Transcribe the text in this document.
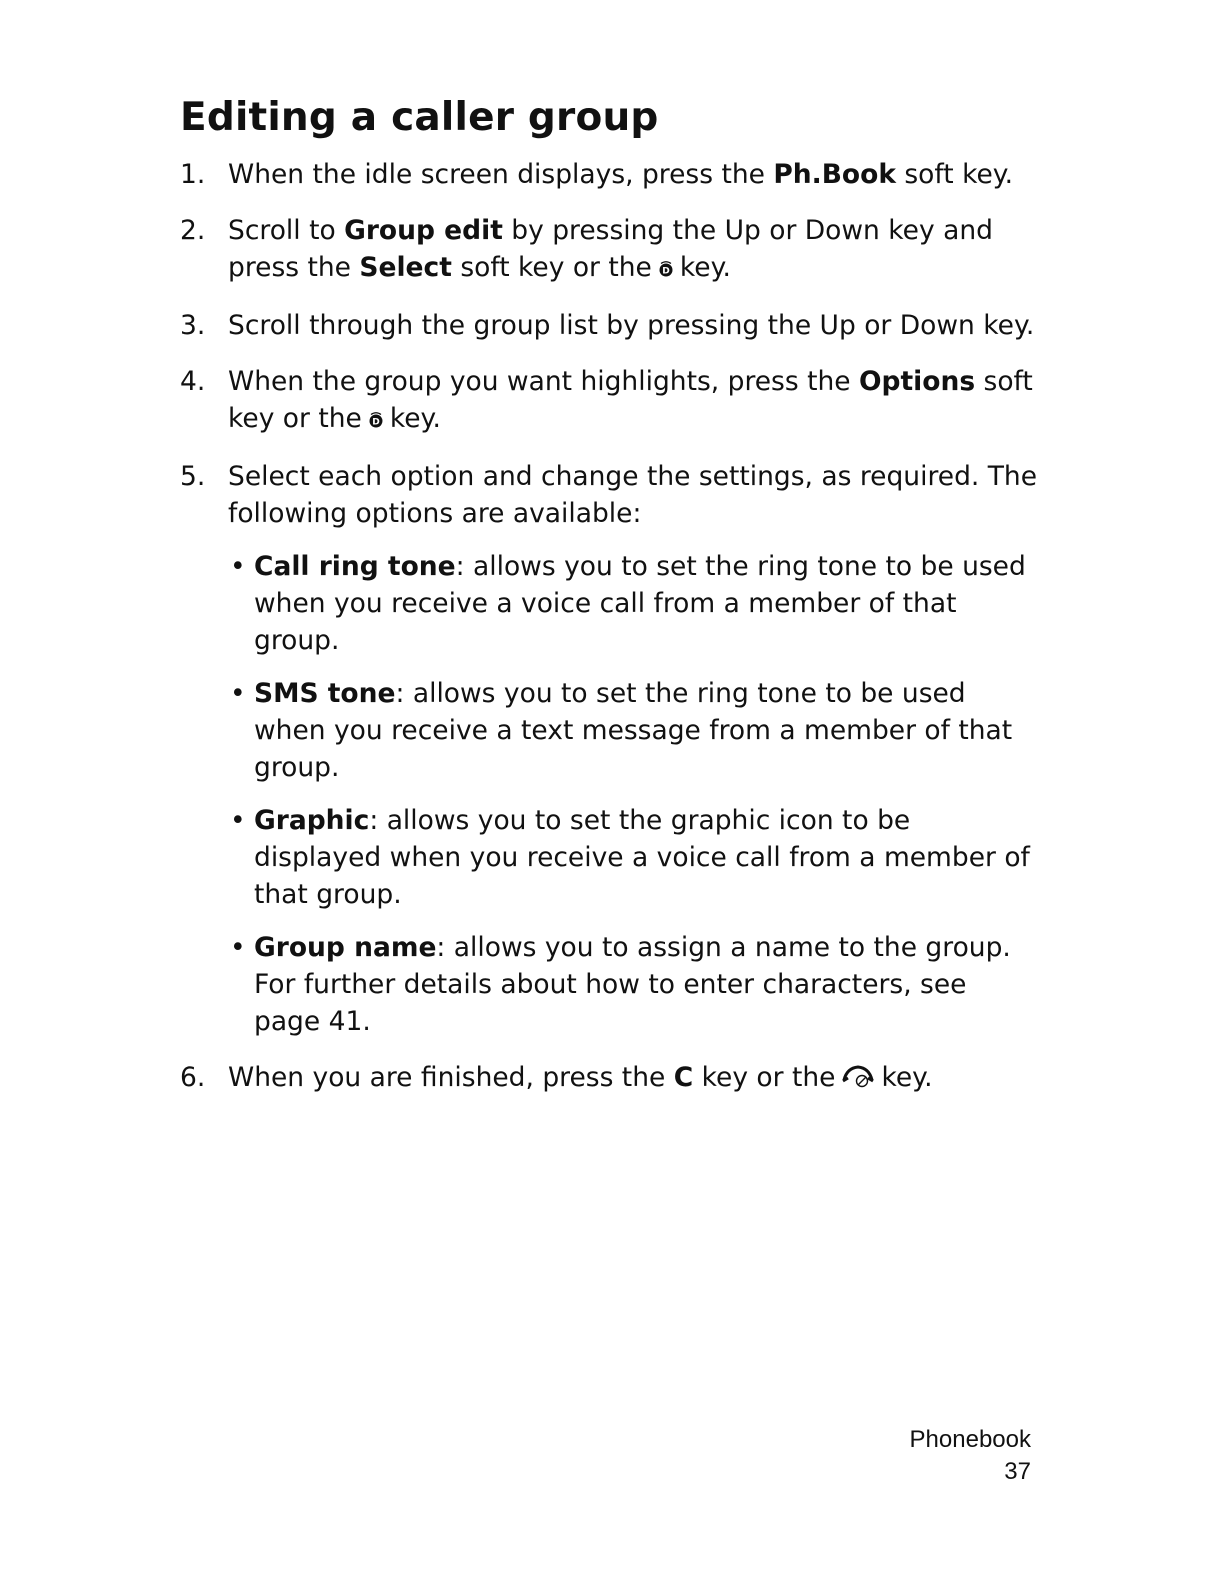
Editing a caller group
1. When the idle screen displays, press the Ph.Book soft key.
2. Scroll to Group edit by pressing the Up or Down key and press the Select soft key or the D key.
3. Scroll through the group list by pressing the Up or Down key.
4. When the group you want highlights, press the Options soft key or the D key.
5. Select each option and change the settings, as required. The following options are available:
• Call ring tone: allows you to set the ring tone to be used when you receive a voice call from a member of that group.
• SMS tone: allows you to set the ring tone to be used when you receive a text message from a member of that group.
• Graphic: allows you to set the graphic icon to be displayed when you receive a voice call from a member of that group.
• Group name: allows you to assign a name to the group. For further details about how to enter characters, see page 41.
6. When you are finished, press the C key or the key.
Phonebook
37
